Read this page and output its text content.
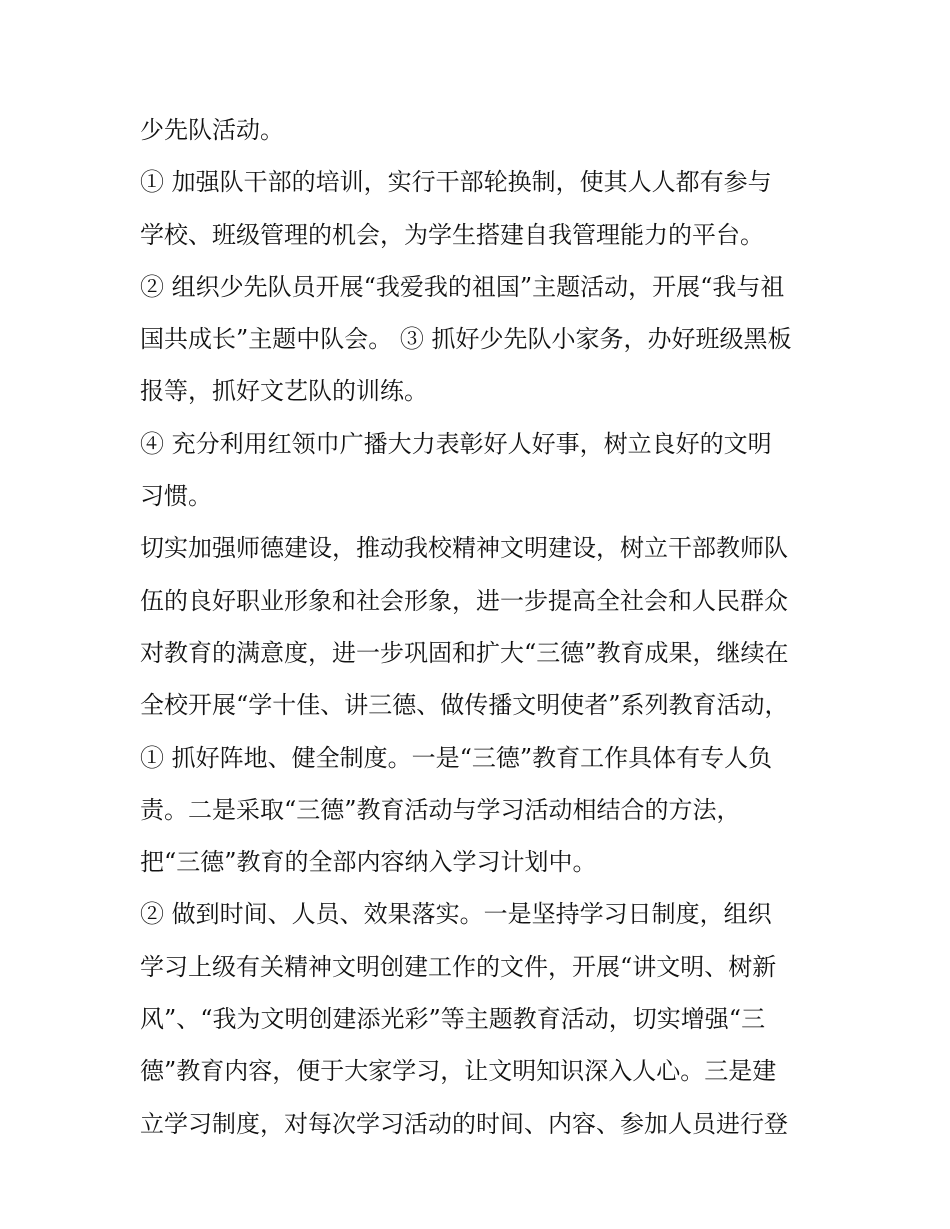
少先队活动。
① 加强队干部的培训，实行干部轮换制，使其人人都有参与
学校、班级管理的机会，为学生搭建自我管理能力的平台。
② 组织少先队员开展“我爱我的祖国”主题活动，开展“我与祖
国共成长”主题中队会。 ③ 抓好少先队小家务，办好班级黑板
报等，抓好文艺队的训练。
④ 充分利用红领巾广播大力表彰好人好事，树立良好的文明
习惯。
切实加强师德建设，推动我校精神文明建设，树立干部教师队
伍的良好职业形象和社会形象，进一步提高全社会和人民群众
对教育的满意度，进一步巩固和扩大“三德”教育成果，继续在
全校开展“学十佳、讲三德、做传播文明使者”系列教育活动，
① 抓好阵地、健全制度。一是“三德”教育工作具体有专人负
责。二是采取“三德”教育活动与学习活动相结合的方法，
把“三德”教育的全部内容纳入学习计划中。
② 做到时间、人员、效果落实。一是坚持学习日制度，组织
学习上级有关精神文明创建工作的文件，开展“讲文明、树新
风”、“我为文明创建添光彩”等主题教育活动，切实增强“三
德”教育内容，便于大家学习，让文明知识深入人心。三是建
立学习制度，对每次学习活动的时间、内容、参加人员进行登
